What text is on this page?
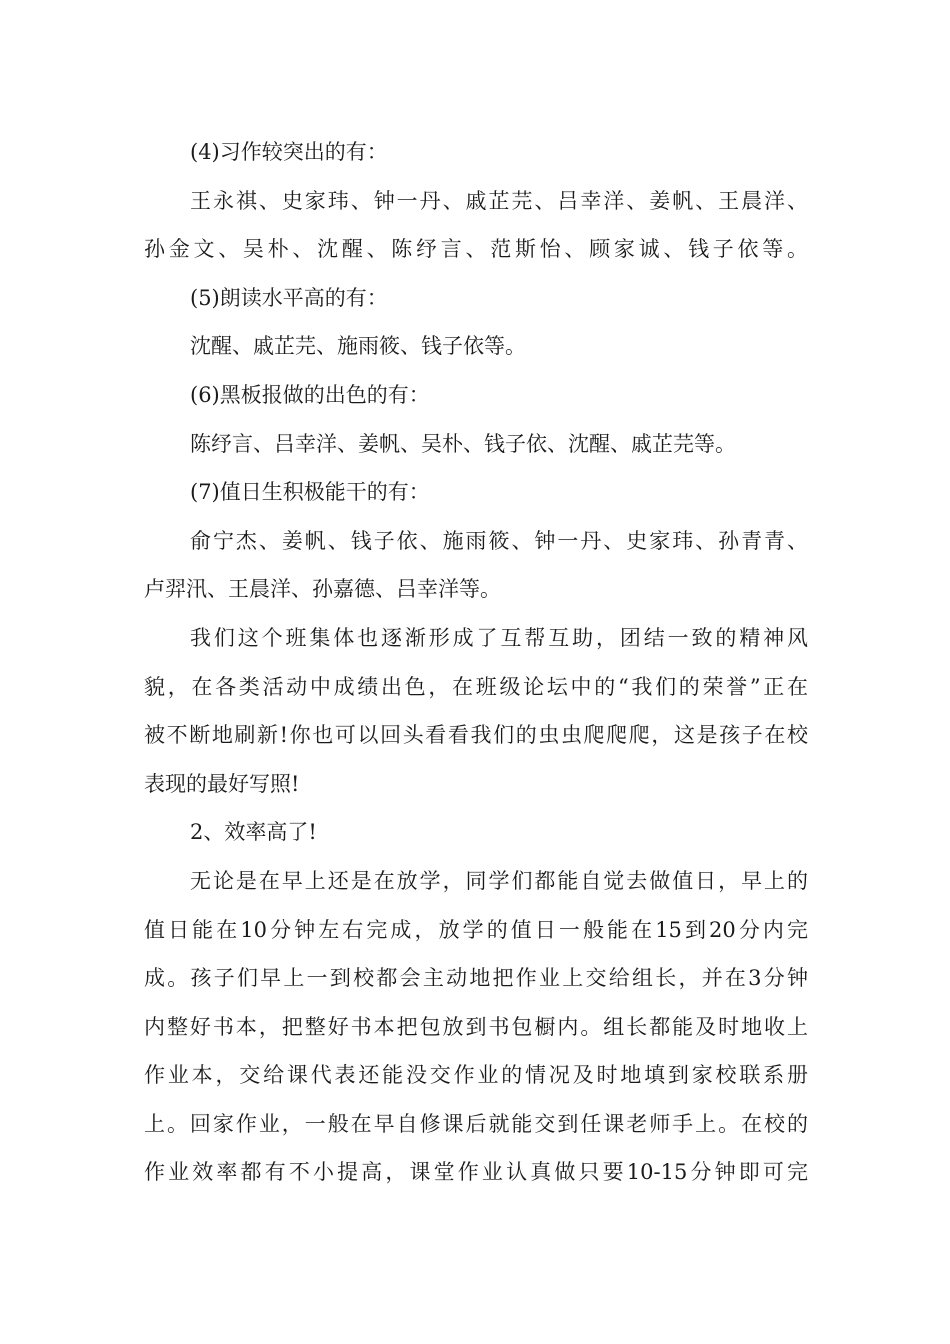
(4)习作较突出的有：
王永祺、史家玮、钟一丹、戚芷芫、吕幸洋、姜帆、王晨洋、
孙金文、吴朴、沈醒、陈纾言、范斯怡、顾家诚、钱子依等。
(5)朗读水平高的有：
沈醒、戚芷芫、施雨筱、钱子依等。
(6)黑板报做的出色的有：
陈纾言、吕幸洋、姜帆、吴朴、钱子依、沈醒、戚芷芫等。
(7)值日生积极能干的有：
俞宁杰、姜帆、钱子依、施雨筱、钟一丹、史家玮、孙青青、
卢羿汛、王晨洋、孙嘉德、吕幸洋等。
我们这个班集体也逐渐形成了互帮互助，团结一致的精神风
貌，在各类活动中成绩出色，在班级论坛中的“我们的荣誉”正在
被不断地刷新!你也可以回头看看我们的虫虫爬爬爬，这是孩子在校
表现的最好写照!
2、效率高了!
无论是在早上还是在放学，同学们都能自觉去做值日，早上的
值日能在10分钟左右完成，放学的值日一般能在15到20分内完
成。孩子们早上一到校都会主动地把作业上交给组长，并在3分钟
内整好书本，把整好书本把包放到书包橱内。组长都能及时地收上
作业本，交给课代表还能没交作业的情况及时地填到家校联系册
上。回家作业，一般在早自修课后就能交到任课老师手上。在校的
作业效率都有不小提高，课堂作业认真做只要10-15分钟即可完
